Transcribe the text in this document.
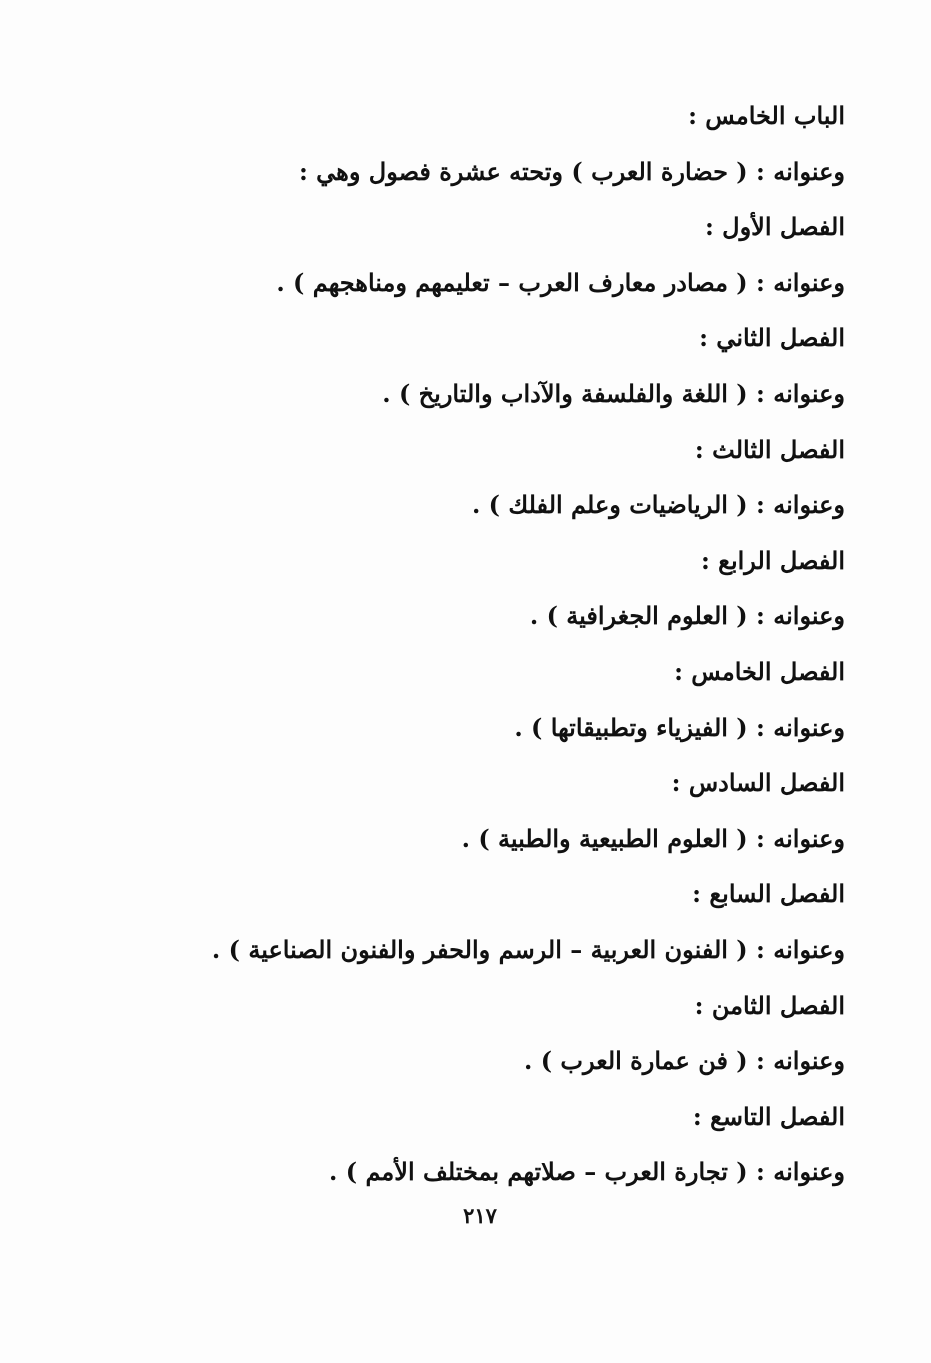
الباب الخامس :
وعنوانه : ( حضارة العرب ) وتحته عشرة فصول وهي :
الفصل الأول :
وعنوانه : ( مصادر معارف العرب – تعليمهم ومناهجهم ) .
الفصل الثاني :
وعنوانه : ( اللغة والفلسفة والآداب والتاريخ ) .
الفصل الثالث :
وعنوانه : ( الرياضيات وعلم الفلك ) .
الفصل الرابع :
وعنوانه : ( العلوم الجغرافية ) .
الفصل الخامس :
وعنوانه : ( الفيزياء وتطبيقاتها ) .
الفصل السادس :
وعنوانه : ( العلوم الطبيعية والطبية ) .
الفصل السابع :
وعنوانه : ( الفنون العربية – الرسم والحفر والفنون الصناعية ) .
الفصل الثامن :
وعنوانه : ( فن عمارة العرب ) .
الفصل التاسع :
وعنوانه : ( تجارة العرب – صلاتهم بمختلف الأمم ) .
٢١٧
